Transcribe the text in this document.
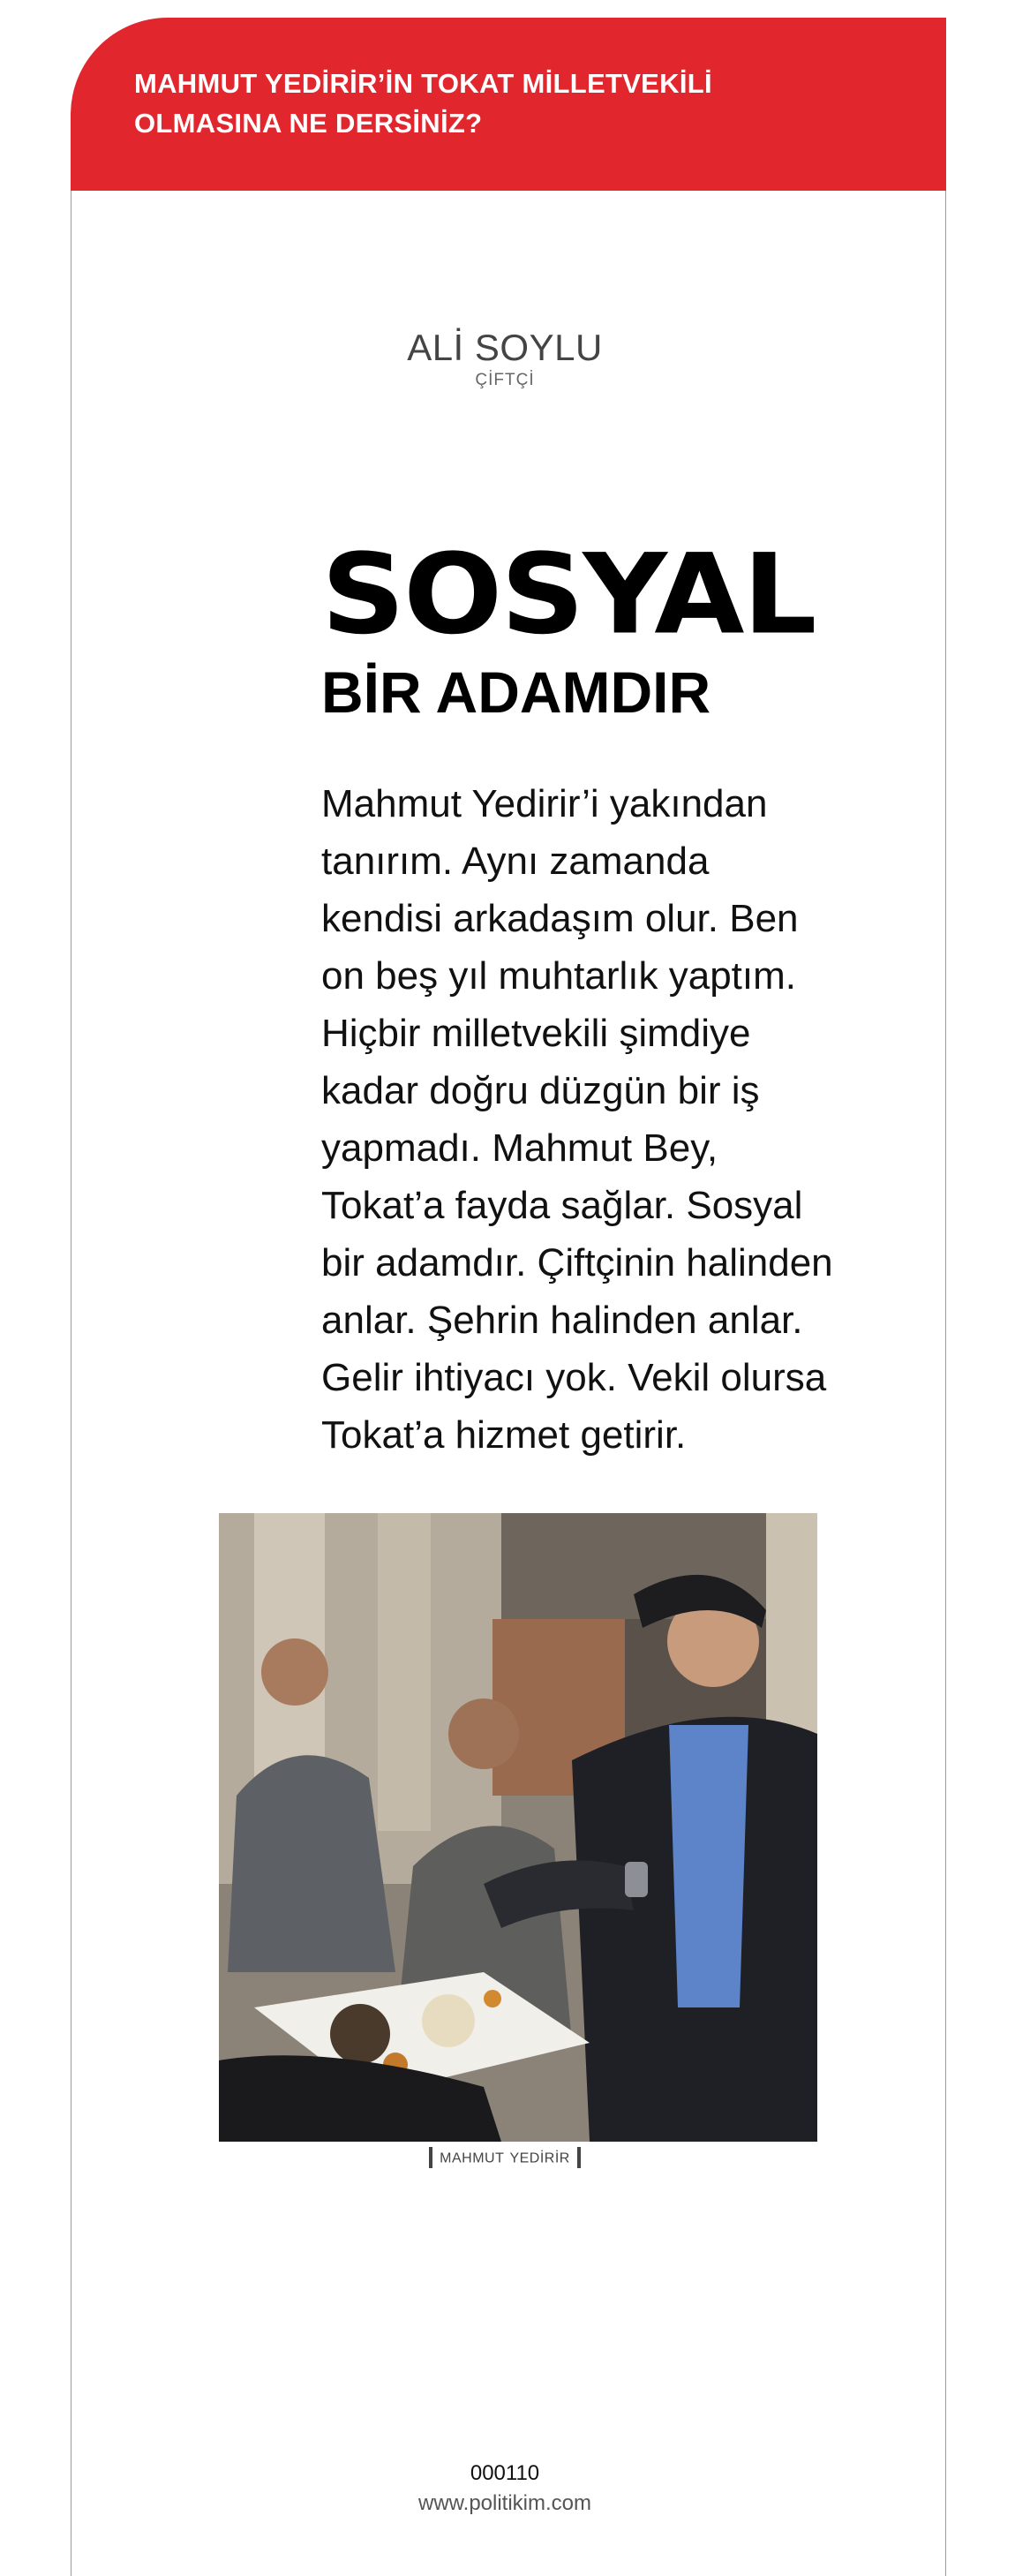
MAHMUT YEDİRİR’İN TOKAT MİLLETVEKİLİ
OLMASINA NE DERSİNİZ?
ALİ SOYLU
ÇİFTÇİ
SOSYAL
BİR ADAMDIR
Mahmut Yedirir’i yakından
tanırım. Aynı zamanda
kendisi arkadaşım olur. Ben
on beş yıl muhtarlık yaptım.
Hiçbir milletvekili şimdiye
kadar doğru düzgün bir iş
yapmadı. Mahmut Bey,
Tokat’a fayda sağlar. Sosyal
bir adamdır. Çiftçinin halinden
anlar. Şehrin halinden anlar.
Gelir ihtiyacı yok. Vekil olursa
Tokat’a hizmet getirir.
MAHMUT YEDİRİR
000110
www.politikim.com
